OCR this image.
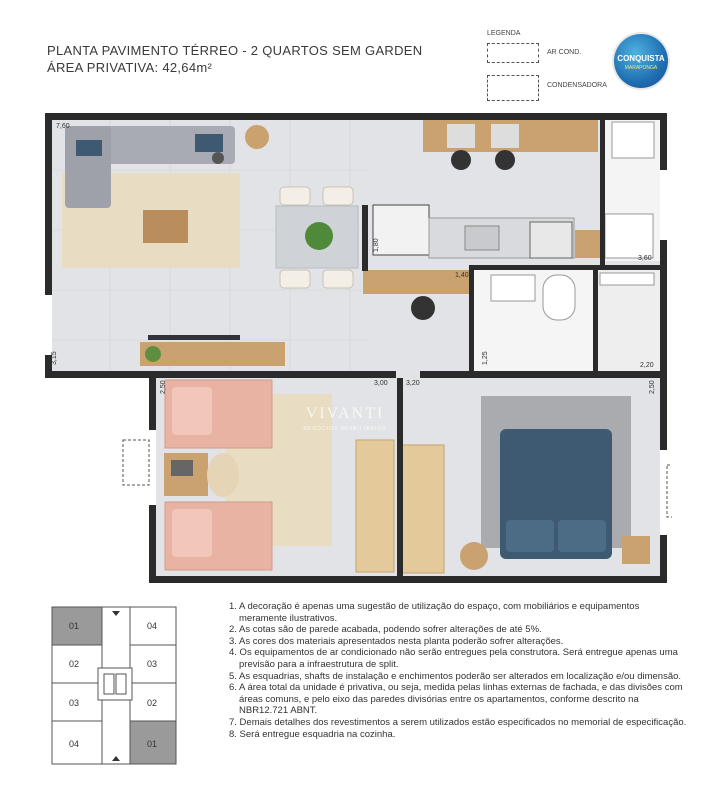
PLANTA PAVIMENTO TÉRREO - 2 QUARTOS SEM GARDEN
ÁREA PRIVATIVA: 42,64m²
LEGENDA
AR COND.
CONDENSADORA
CONQUISTA
MARAPONGA
VIVANTI
NEGÓCIOS IMOBILIÁRIOS
7,60
3,15
1,80
1,40
3,60
1,25
2,20
2,50	3,00	3,20	2,50
01
02
03
04
04
03
02
01
1. A decoração é apenas uma sugestão de utilização do espaço, com mobiliários e equipamentos meramente ilustrativos.
2. As cotas são de parede acabada, podendo sofrer alterações de até 5%.
3. As cores dos materiais apresentados nesta planta poderão sofrer alterações.
4. Os equipamentos de ar condicionado não serão entregues pela construtora. Será entregue apenas uma previsão para a infraestrutura de split.
5. As esquadrias, shafts de instalação e enchimentos poderão ser alterados em localização e/ou dimensão.
6. A área total da unidade é privativa, ou seja, medida pelas linhas externas de fachada, e das divisões com áreas comuns, e pelo eixo das paredes divisórias entre os apartamentos, conforme descrito na NBR12.721 ABNT.
7. Demais detalhes dos revestimentos a serem utilizados estão especificados no memorial de especificação.
8. Será entregue esquadria na cozinha.
